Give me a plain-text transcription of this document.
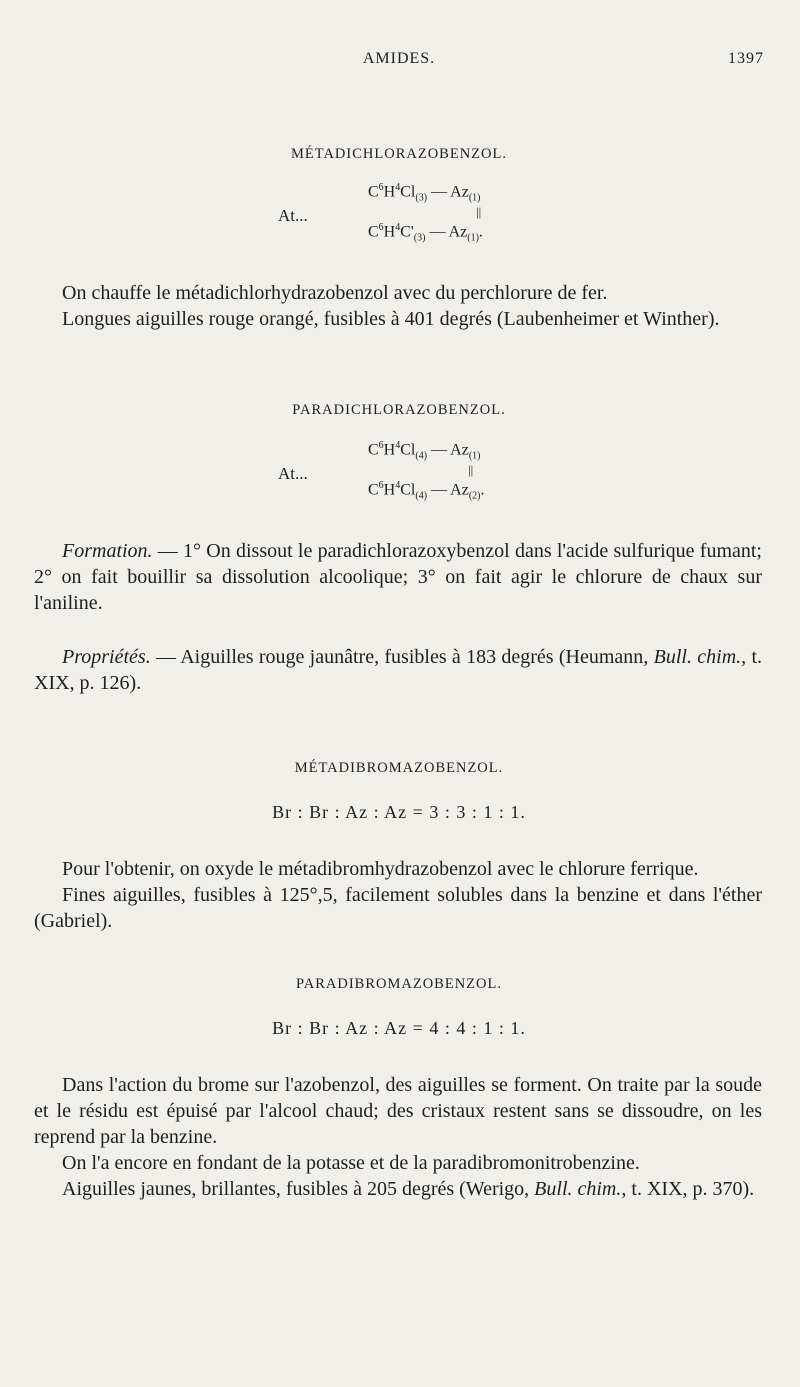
AMIDES.	1397
MÉTADICHLORAZOBENZOL.
At...
$C^6H^4Cl_{(3)}$ — $Az_{(1)}$
||
$C^6H^4C'_{(3)}$ — $Az_{(1)}$.

On chauffe le métadichlorhydrazobenzol avec du perchlorure de fer.

Longues aiguilles rouge orangé, fusibles à 401 degrés (Laubenheimer et Winther).

PARADICHLORAZOBENZOL.
At...
$C^6H^4Cl_{(4)}$ — $Az_{(1)}$
||
$C^6H^4Cl_{(4)}$ — $Az_{(2)}$.

Formation. — 1° On dissout le paradichlorazoxybenzol dans l'acide sulfurique fumant; 2° on fait bouillir sa dissolution alcoolique; 3° on fait agir le chlorure de chaux sur l'aniline.

Propriétés. — Aiguilles rouge jaunâtre, fusibles à 183 degrés (Heumann, Bull. chim., t. XIX, p. 126).

MÉTADIBROMAZOBENZOL.
Br : Br : Az : Az = 3 : 3 : 1 : 1.

Pour l'obtenir, on oxyde le métadibromhydrazobenzol avec le chlorure ferrique.

Fines aiguilles, fusibles à 125°,5, facilement solubles dans la benzine et dans l'éther (Gabriel).

PARADIBROMAZOBENZOL.
Br : Br : Az : Az = 4 : 4 : 1 : 1.

Dans l'action du brome sur l'azobenzol, des aiguilles se forment. On traite par la soude et le résidu est épuisé par l'alcool chaud; des cristaux restent sans se dissoudre, on les reprend par la benzine.

On l'a encore en fondant de la potasse et de la paradibromonitrobenzine.

Aiguilles jaunes, brillantes, fusibles à 205 degrés (Werigo, Bull. chim., t. XIX, p. 370).
